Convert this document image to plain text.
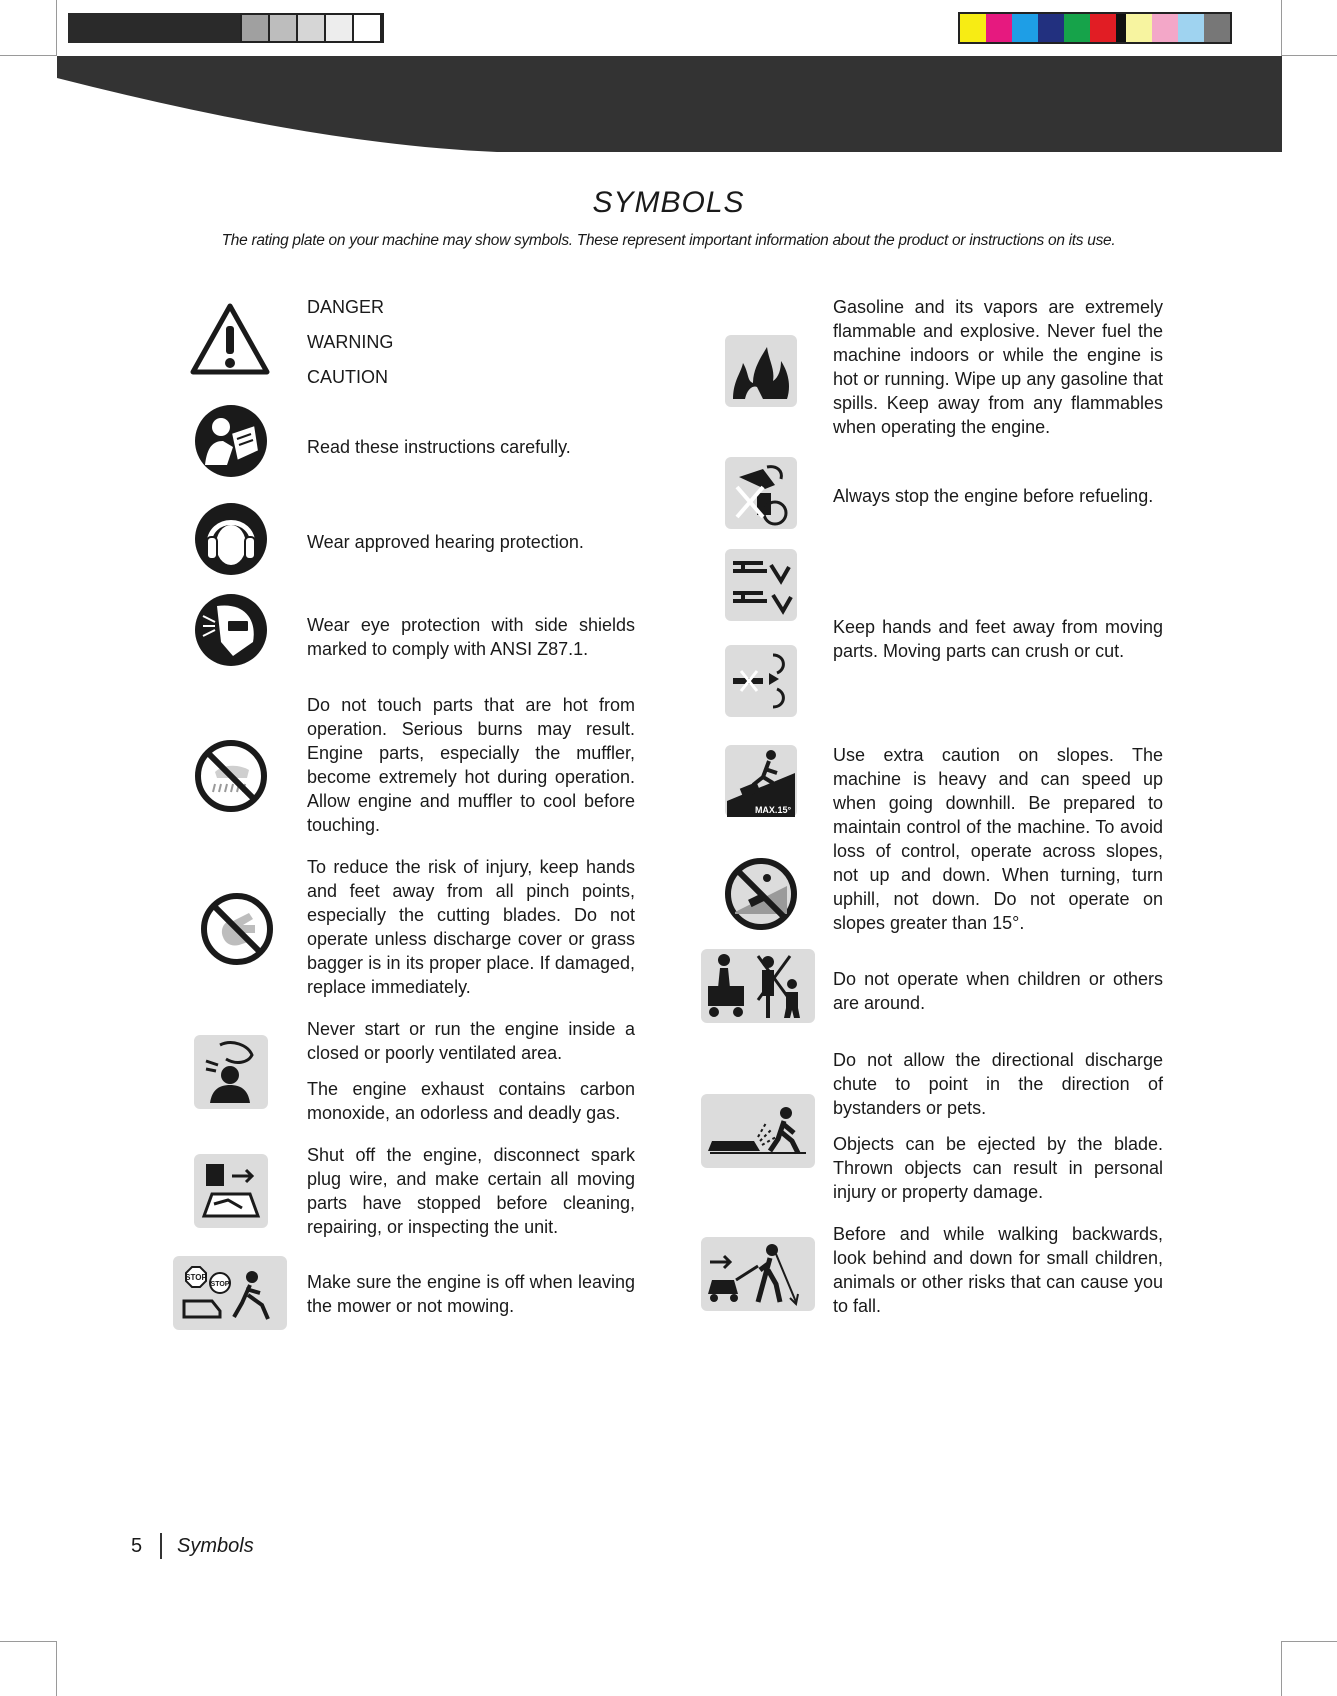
SYMBOLS
The rating plate on your machine may show symbols. These represent important information about the product or instructions on its use.
DANGER
WARNING
CAUTION
Read these instructions carefully.
Wear approved hearing protection.
Wear eye protection with side shields marked to comply with ANSI Z87.1.
Do not touch parts that are hot from operation. Serious burns may result. Engine parts, especially the muffler, become extremely hot during operation. Allow engine and muffler to cool before touching.
To reduce the risk of injury, keep hands and feet away from all pinch points, especially the cutting blades. Do not operate unless discharge cover or grass bagger is in its proper place. If damaged, replace immediately.
Never start or run the engine inside a closed or poorly ventilated area.
The engine exhaust contains carbon monoxide, an odorless and deadly gas.
Shut off the engine, disconnect spark plug wire, and make certain all moving parts have stopped before cleaning, repairing, or inspecting the unit.
STOP
STOP	Make sure the engine is off when leaving the mower or not mowing.
Gasoline and its vapors are extremely flammable and explosive. Never fuel the machine indoors or while the engine is hot or running. Wipe up any gasoline that spills. Keep away from any flammables when operating the engine.
Always stop the engine before refueling.
Keep hands and feet away from moving parts. Moving parts can crush or cut.
MAX.15°
Use extra caution on slopes. The machine is heavy and can speed up when going downhill. Be prepared to maintain control of the machine. To avoid loss of control, operate across slopes, not up and down. When turning, turn uphill, not down. Do not operate on slopes greater than 15°.
Do not operate when children or others are around.
Do not allow the directional discharge chute to point in the direction of bystanders or pets.
Objects can be ejected by the blade. Thrown objects can result in personal injury or property damage.
Before and while walking backwards, look behind and down for small children, animals or other risks that can cause you to fall.
5 Symbols
